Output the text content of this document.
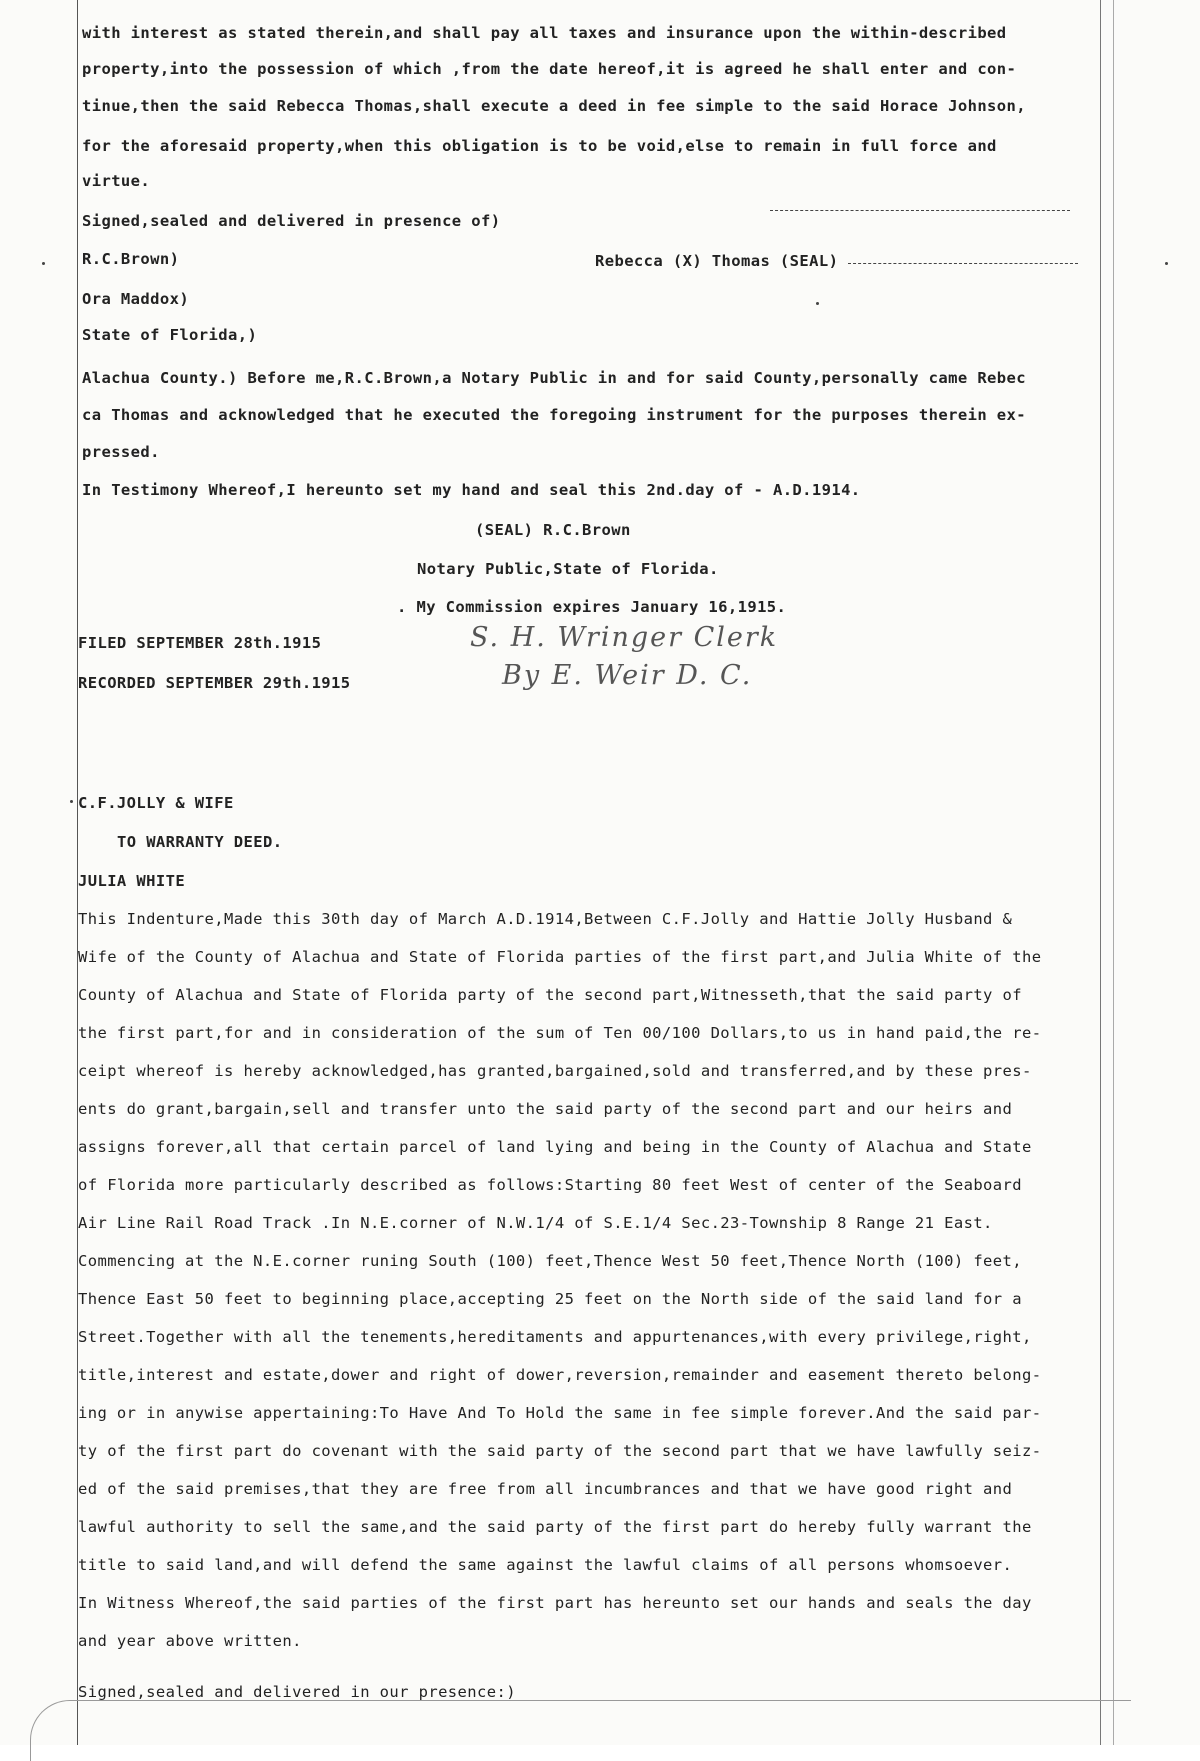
with interest as stated therein,and shall pay all taxes and insurance upon the within-described
property,into the possession of which ,from the date hereof,it is agreed he shall enter and con-
tinue,then the said Rebecca Thomas,shall execute a deed in fee simple to the said Horace Johnson,
for the aforesaid property,when this obligation is to be void,else to remain in full force and
virtue.
Signed,sealed and delivered in presence of)
R.C.Brown)	Rebecca (X) Thomas (SEAL)
Ora Maddox)
State of Florida,)
Alachua County.) Before me,R.C.Brown,a Notary Public in and for said County,personally came Rebec
ca Thomas and acknowledged that he executed the foregoing instrument for the purposes therein ex-
pressed.
In Testimony Whereof,I hereunto set my hand and seal this 2nd.day of - A.D.1914.
(SEAL) R.C.Brown
Notary Public,State of Florida.
. My Commission expires January 16,1915.
FILED SEPTEMBER 28th.1915
RECORDED SEPTEMBER 29th.1915
S. H. Wringer Clerk
By E. Weir D. C.
C.F.JOLLY & WIFE
TO WARRANTY DEED.
JULIA WHITE
This Indenture,Made this 30th day of March A.D.1914,Between C.F.Jolly and Hattie Jolly Husband &
Wife of the County of Alachua and State of Florida parties of the first part,and Julia White of the
County of Alachua and State of Florida party of the second part,Witnesseth,that the said party of
the first part,for and in consideration of the sum of Ten 00/100 Dollars,to us in hand paid,the re-
ceipt whereof is hereby acknowledged,has granted,bargained,sold and transferred,and by these pres-
ents do grant,bargain,sell and transfer unto the said party of the second part and our heirs and
assigns forever,all that certain parcel of land lying and being in the County of Alachua and State
of Florida more particularly described as follows:Starting 80 feet West of center of the Seaboard
Air Line Rail Road Track .In N.E.corner of N.W.1/4 of S.E.1/4 Sec.23-Township 8 Range 21 East.
Commencing at the N.E.corner runing South (100) feet,Thence West 50 feet,Thence North (100) feet,
Thence East 50 feet to beginning place,accepting 25 feet on the North side of the said land for a
Street.Together with all the tenements,hereditaments and appurtenances,with every privilege,right,
title,interest and estate,dower and right of dower,reversion,remainder and easement thereto belong-
ing or in anywise appertaining:To Have And To Hold the same in fee simple forever.And the said par-
ty of the first part do covenant with the said party of the second part that we have lawfully seiz-
ed of the said premises,that they are free from all incumbrances and that we have good right and
lawful authority to sell the same,and the said party of the first part do hereby fully warrant the
title to said land,and will defend the same against the lawful claims of all persons whomsoever.
In Witness Whereof,the said parties of the first part has hereunto set our hands and seals the day
and year above written.
Signed,sealed and delivered in our presence:)
